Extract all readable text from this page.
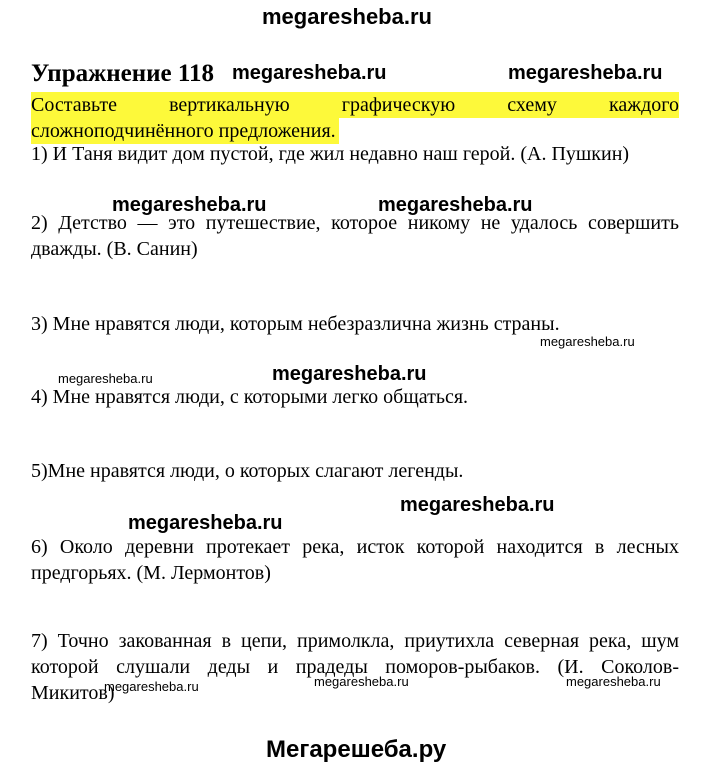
megaresheba.ru
Упражнение 118
Составьте вертикальную графическую схему каждого
сложноподчинённого предложения.
1) И Таня видит дом пустой, где жил недавно наш герой. (А. Пушкин)
2) Детство — это путешествие, которое никому не удалось совершить
дважды. (В. Санин)
3) Мне нравятся люди, которым небезразлична жизнь страны.
4) Мне нравятся люди, с которыми легко общаться.
5)Мне нравятся люди, о которых слагают легенды.
6) Около деревни протекает река, исток которой находится в лесных
предгорьях. (М. Лермонтов)
7) Точно закованная в цепи, примолкла, приутихла северная река, шум
которой слушали деды и прадеды поморов-рыбаков. (И. Соколов-
Микитов)
megaresheba.ru	megaresheba.ru
megaresheba.ru	megaresheba.ru
megaresheba.ru
megaresheba.ru
megaresheba.ru
megaresheba.ru
megaresheba.ru
megaresheba.ru	megaresheba.ru	megaresheba.ru
Мегарешеба.ру
